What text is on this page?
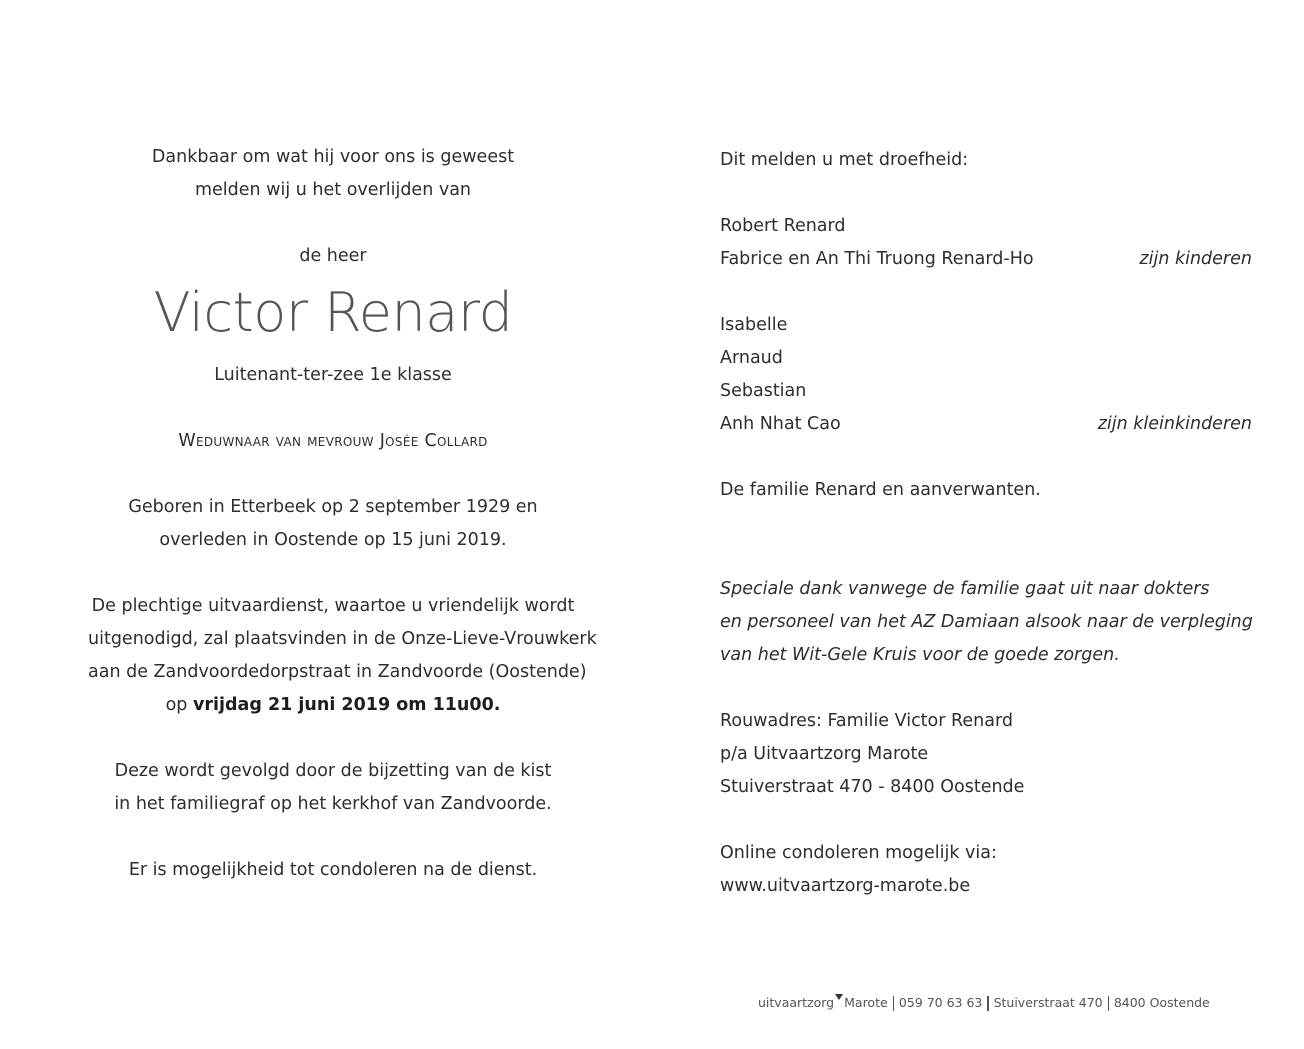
Dankbaar om wat hij voor ons is geweest
melden wij u het overlijden van
de heer
Victor Renard
Luitenant-ter-zee 1e klasse
Weduwnaar van mevrouw Josée Collard
Geboren in Etterbeek op 2 september 1929 en
overleden in Oostende op 15 juni 2019.
De plechtige uitvaardienst, waartoe u vriendelijk wordt
uitgenodigd, zal plaatsvinden in de Onze-Lieve-Vrouwkerk
aan de Zandvoordedorpstraat in Zandvoorde (Oostende)
op vrijdag 21 juni 2019 om 11u00.
Deze wordt gevolgd door de bijzetting van de kist
in het familiegraf op het kerkhof van Zandvoorde.
Er is mogelijkheid tot condoleren na de dienst.
Dit melden u met droefheid:
Robert Renard
Fabrice en An Thi Truong Renard-Ho	zijn kinderen
Isabelle
Arnaud
Sebastian
Anh Nhat Cao	zijn kleinkinderen
De familie Renard en aanverwanten.
Speciale dank vanwege de familie gaat uit naar dokters
en personeel van het AZ Damiaan alsook naar de verpleging
van het Wit-Gele Kruis voor de goede zorgen.
Rouwadres: Familie Victor Renard
p/a Uitvaartzorg Marote
Stuiverstraat 470 - 8400 Oostende
Online condoleren mogelijk via:
www.uitvaartzorg-marote.be
uitvaartzorg Marote 059 70 63 63 Stuiverstraat 470 8400 Oostende
